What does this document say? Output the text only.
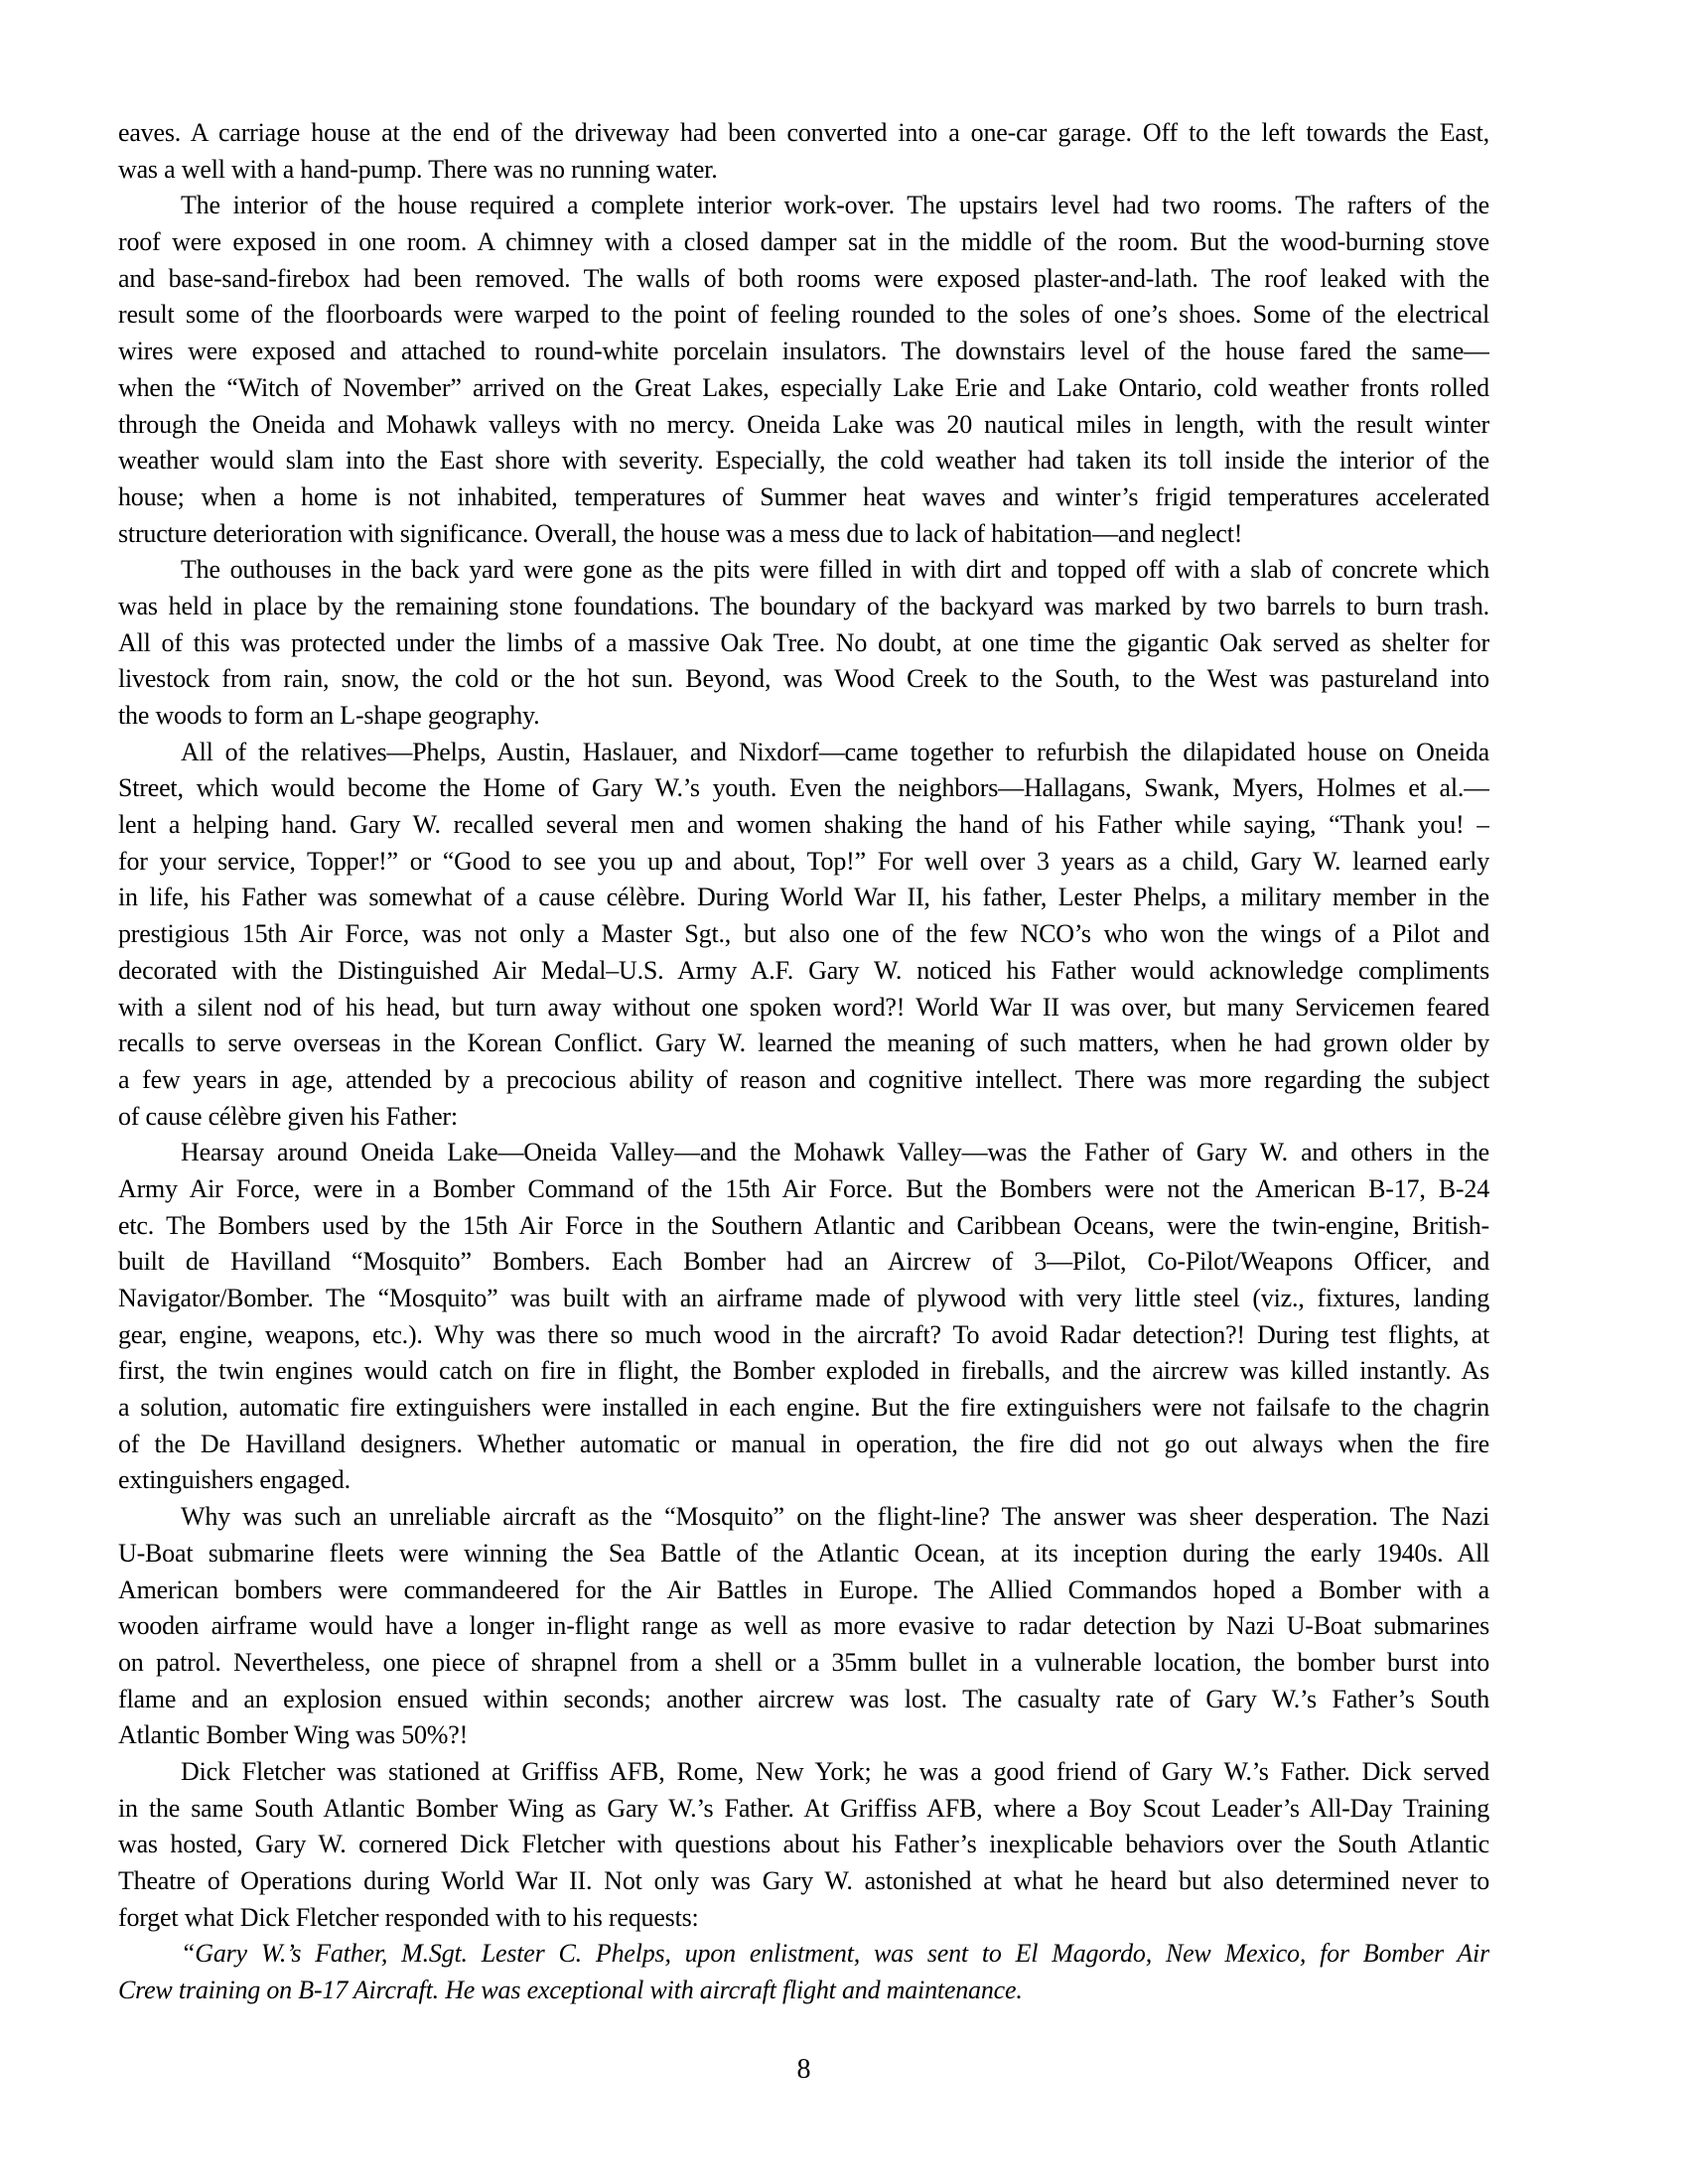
eaves. A carriage house at the end of the driveway had been converted into a one-car garage. Off to the left towards the East,
was a well with a hand-pump. There was no running water.
The interior of the house required a complete interior work-over. The upstairs level had two rooms. The rafters of the
roof were exposed in one room. A chimney with a closed damper sat in the middle of the room. But the wood-burning stove
and base-sand-firebox had been removed. The walls of both rooms were exposed plaster-and-lath. The roof leaked with the
result some of the floorboards were warped to the point of feeling rounded to the soles of one’s shoes. Some of the electrical
wires were exposed and attached to round-white porcelain insulators. The downstairs level of the house fared the same—
when the “Witch of November” arrived on the Great Lakes, especially Lake Erie and Lake Ontario, cold weather fronts rolled
through the Oneida and Mohawk valleys with no mercy. Oneida Lake was 20 nautical miles in length, with the result winter
weather would slam into the East shore with severity. Especially, the cold weather had taken its toll inside the interior of the
house; when a home is not inhabited, temperatures of Summer heat waves and winter’s frigid temperatures accelerated
structure deterioration with significance. Overall, the house was a mess due to lack of habitation—and neglect!
The outhouses in the back yard were gone as the pits were filled in with dirt and topped off with a slab of concrete which
was held in place by the remaining stone foundations. The boundary of the backyard was marked by two barrels to burn trash.
All of this was protected under the limbs of a massive Oak Tree. No doubt, at one time the gigantic Oak served as shelter for
livestock from rain, snow, the cold or the hot sun. Beyond, was Wood Creek to the South, to the West was pastureland into
the woods to form an L-shape geography.
All of the relatives—Phelps, Austin, Haslauer, and Nixdorf—came together to refurbish the dilapidated house on Oneida
Street, which would become the Home of Gary W.’s youth. Even the neighbors—Hallagans, Swank, Myers, Holmes et al.—
lent a helping hand. Gary W. recalled several men and women shaking the hand of his Father while saying, “Thank you! –
for your service, Topper!” or “Good to see you up and about, Top!” For well over 3 years as a child, Gary W. learned early
in life, his Father was somewhat of a cause célèbre. During World War II, his father, Lester Phelps, a military member in the
prestigious 15th Air Force, was not only a Master Sgt., but also one of the few NCO’s who won the wings of a Pilot and
decorated with the Distinguished Air Medal–U.S. Army A.F. Gary W. noticed his Father would acknowledge compliments
with a silent nod of his head, but turn away without one spoken word?! World War II was over, but many Servicemen feared
recalls to serve overseas in the Korean Conflict. Gary W. learned the meaning of such matters, when he had grown older by
a few years in age, attended by a precocious ability of reason and cognitive intellect. There was more regarding the subject
of cause célèbre given his Father:
Hearsay around Oneida Lake—Oneida Valley—and the Mohawk Valley—was the Father of Gary W. and others in the
Army Air Force, were in a Bomber Command of the 15th Air Force. But the Bombers were not the American B-17, B-24
etc. The Bombers used by the 15th Air Force in the Southern Atlantic and Caribbean Oceans, were the twin-engine, British-
built de Havilland “Mosquito” Bombers. Each Bomber had an Aircrew of 3—Pilot, Co-Pilot/Weapons Officer, and
Navigator/Bomber. The “Mosquito” was built with an airframe made of plywood with very little steel (viz., fixtures, landing
gear, engine, weapons, etc.). Why was there so much wood in the aircraft? To avoid Radar detection?! During test flights, at
first, the twin engines would catch on fire in flight, the Bomber exploded in fireballs, and the aircrew was killed instantly. As
a solution, automatic fire extinguishers were installed in each engine. But the fire extinguishers were not failsafe to the chagrin
of the De Havilland designers. Whether automatic or manual in operation, the fire did not go out always when the fire
extinguishers engaged.
Why was such an unreliable aircraft as the “Mosquito” on the flight-line? The answer was sheer desperation. The Nazi
U-Boat submarine fleets were winning the Sea Battle of the Atlantic Ocean, at its inception during the early 1940s. All
American bombers were commandeered for the Air Battles in Europe. The Allied Commandos hoped a Bomber with a
wooden airframe would have a longer in-flight range as well as more evasive to radar detection by Nazi U-Boat submarines
on patrol. Nevertheless, one piece of shrapnel from a shell or a 35mm bullet in a vulnerable location, the bomber burst into
flame and an explosion ensued within seconds; another aircrew was lost. The casualty rate of Gary W.’s Father’s South
Atlantic Bomber Wing was 50%?!
Dick Fletcher was stationed at Griffiss AFB, Rome, New York; he was a good friend of Gary W.’s Father. Dick served
in the same South Atlantic Bomber Wing as Gary W.’s Father. At Griffiss AFB, where a Boy Scout Leader’s All-Day Training
was hosted, Gary W. cornered Dick Fletcher with questions about his Father’s inexplicable behaviors over the South Atlantic
Theatre of Operations during World War II. Not only was Gary W. astonished at what he heard but also determined never to
forget what Dick Fletcher responded with to his requests:
“Gary W.’s Father, M.Sgt. Lester C. Phelps, upon enlistment, was sent to El Magordo, New Mexico, for Bomber Air
Crew training on B-17 Aircraft. He was exceptional with aircraft flight and maintenance.
8
